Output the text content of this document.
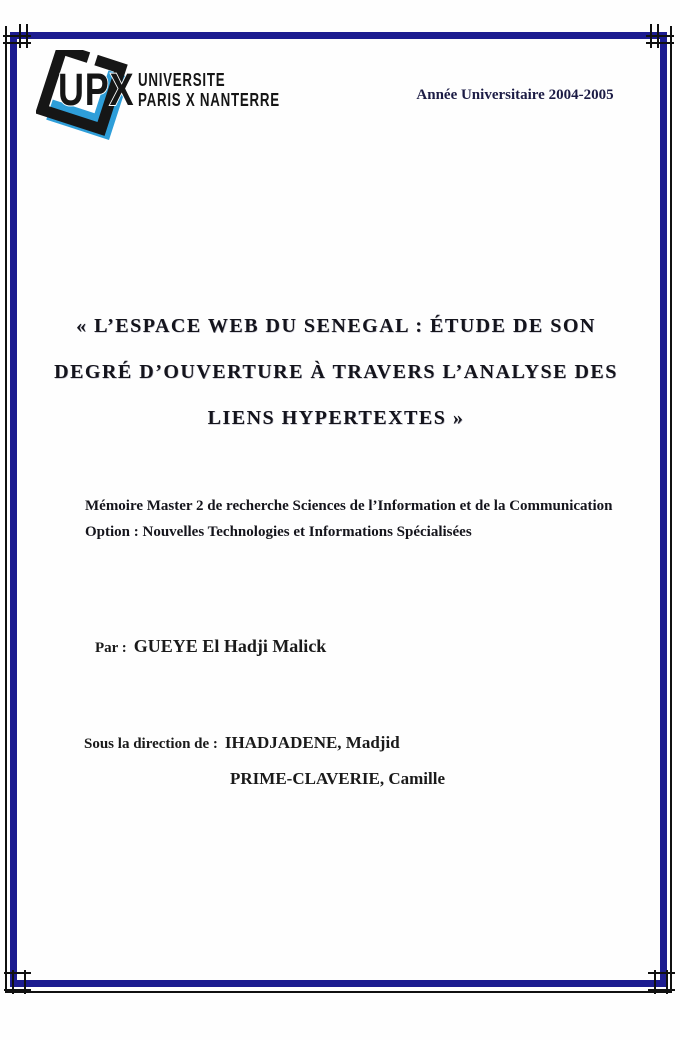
UPX UNIVERSITE
PARIS X NANTERRE	Année Universitaire 2004-2005
« L’ESPACE WEB DU SENEGAL : ÉTUDE DE SON
DEGRÉ D’OUVERTURE À TRAVERS L’ANALYSE DES
LIENS HYPERTEXTES »
Mémoire Master 2 de recherche Sciences de l’Information et de la Communication
Option : Nouvelles Technologies et Informations Spécialisées
Par : GUEYE El Hadji Malick
Sous la direction de : IHADJADENE, Madjid
PRIME-CLAVERIE, Camille
